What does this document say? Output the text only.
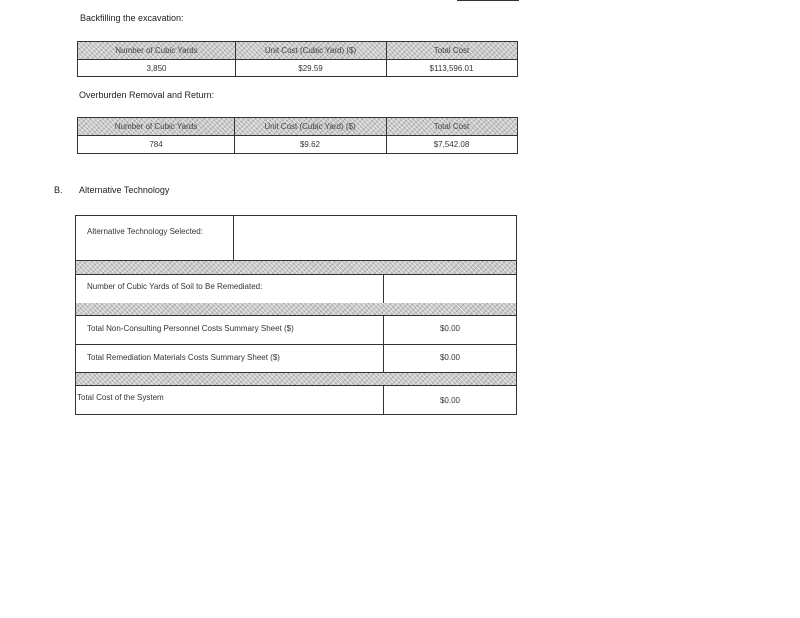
Backfilling the excavation:
Number of Cubic Yards	Unit Cost (Cubic Yard) ($)	Total Cost
3,850	$29.59	$113,596.01
Overburden Removal and Return:
Number of Cubic Yards	Unit Cost (Cubic Yard) ($)	Total Cost
784	$9.62	$7,542.08
B. Alternative Technology
Alternative Technology Selected:
Number of Cubic Yards of Soil to Be Remediated:
Total Non-Consulting Personnel Costs Summary Sheet ($)	$0.00
Total Remediation Materials Costs Summary Sheet ($)	$0.00
Total Cost of the System	$0.00
